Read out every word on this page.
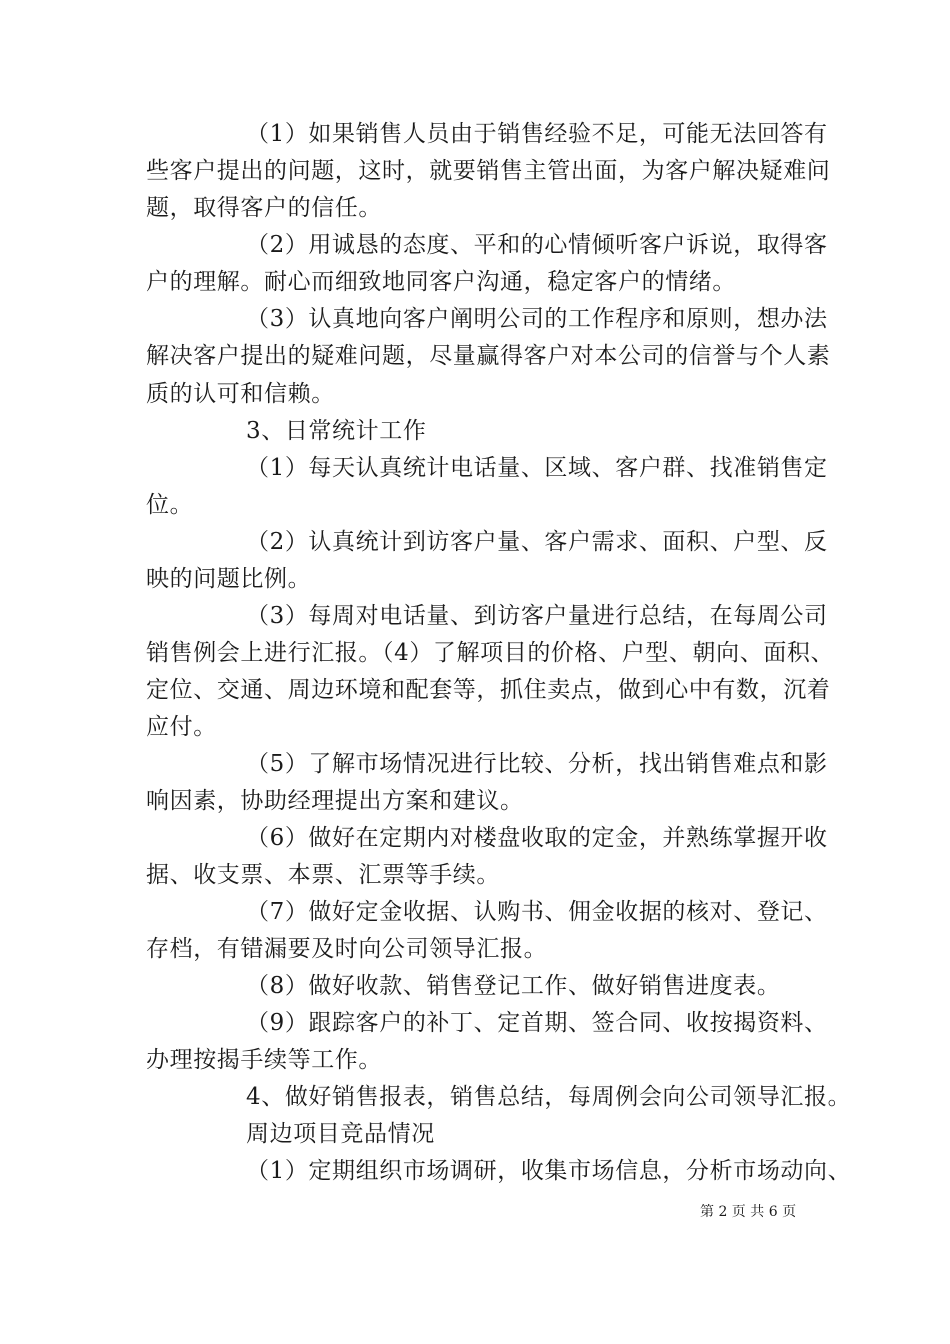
（1）如果销售人员由于销售经验不足，可能无法回答有
些客户提出的问题，这时，就要销售主管出面，为客户解决疑难问
题，取得客户的信任。
（2）用诚恳的态度、平和的心情倾听客户诉说，取得客
户的理解。耐心而细致地同客户沟通，稳定客户的情绪。
（3）认真地向客户阐明公司的工作程序和原则，想办法
解决客户提出的疑难问题，尽量赢得客户对本公司的信誉与个人素
质的认可和信赖。
3、日常统计工作
（1）每天认真统计电话量、区域、客户群、找准销售定
位。
（2）认真统计到访客户量、客户需求、面积、户型、反
映的问题比例。
（3）每周对电话量、到访客户量进行总结，在每周公司
销售例会上进行汇报。（4）了解项目的价格、户型、朝向、面积、
定位、交通、周边环境和配套等，抓住卖点，做到心中有数，沉着
应付。
（5）了解市场情况进行比较、分析，找出销售难点和影
响因素，协助经理提出方案和建议。
（6）做好在定期内对楼盘收取的定金，并熟练掌握开收
据、收支票、本票、汇票等手续。
（7）做好定金收据、认购书、佣金收据的核对、登记、
存档，有错漏要及时向公司领导汇报。
（8）做好收款、销售登记工作、做好销售进度表。
（9）跟踪客户的补丁、定首期、签合同、收按揭资料、
办理按揭手续等工作。
4、做好销售报表，销售总结，每周例会向公司领导汇报。
周边项目竞品情况
（1）定期组织市场调研，收集市场信息，分析市场动向、
第 2 页 共 6 页
